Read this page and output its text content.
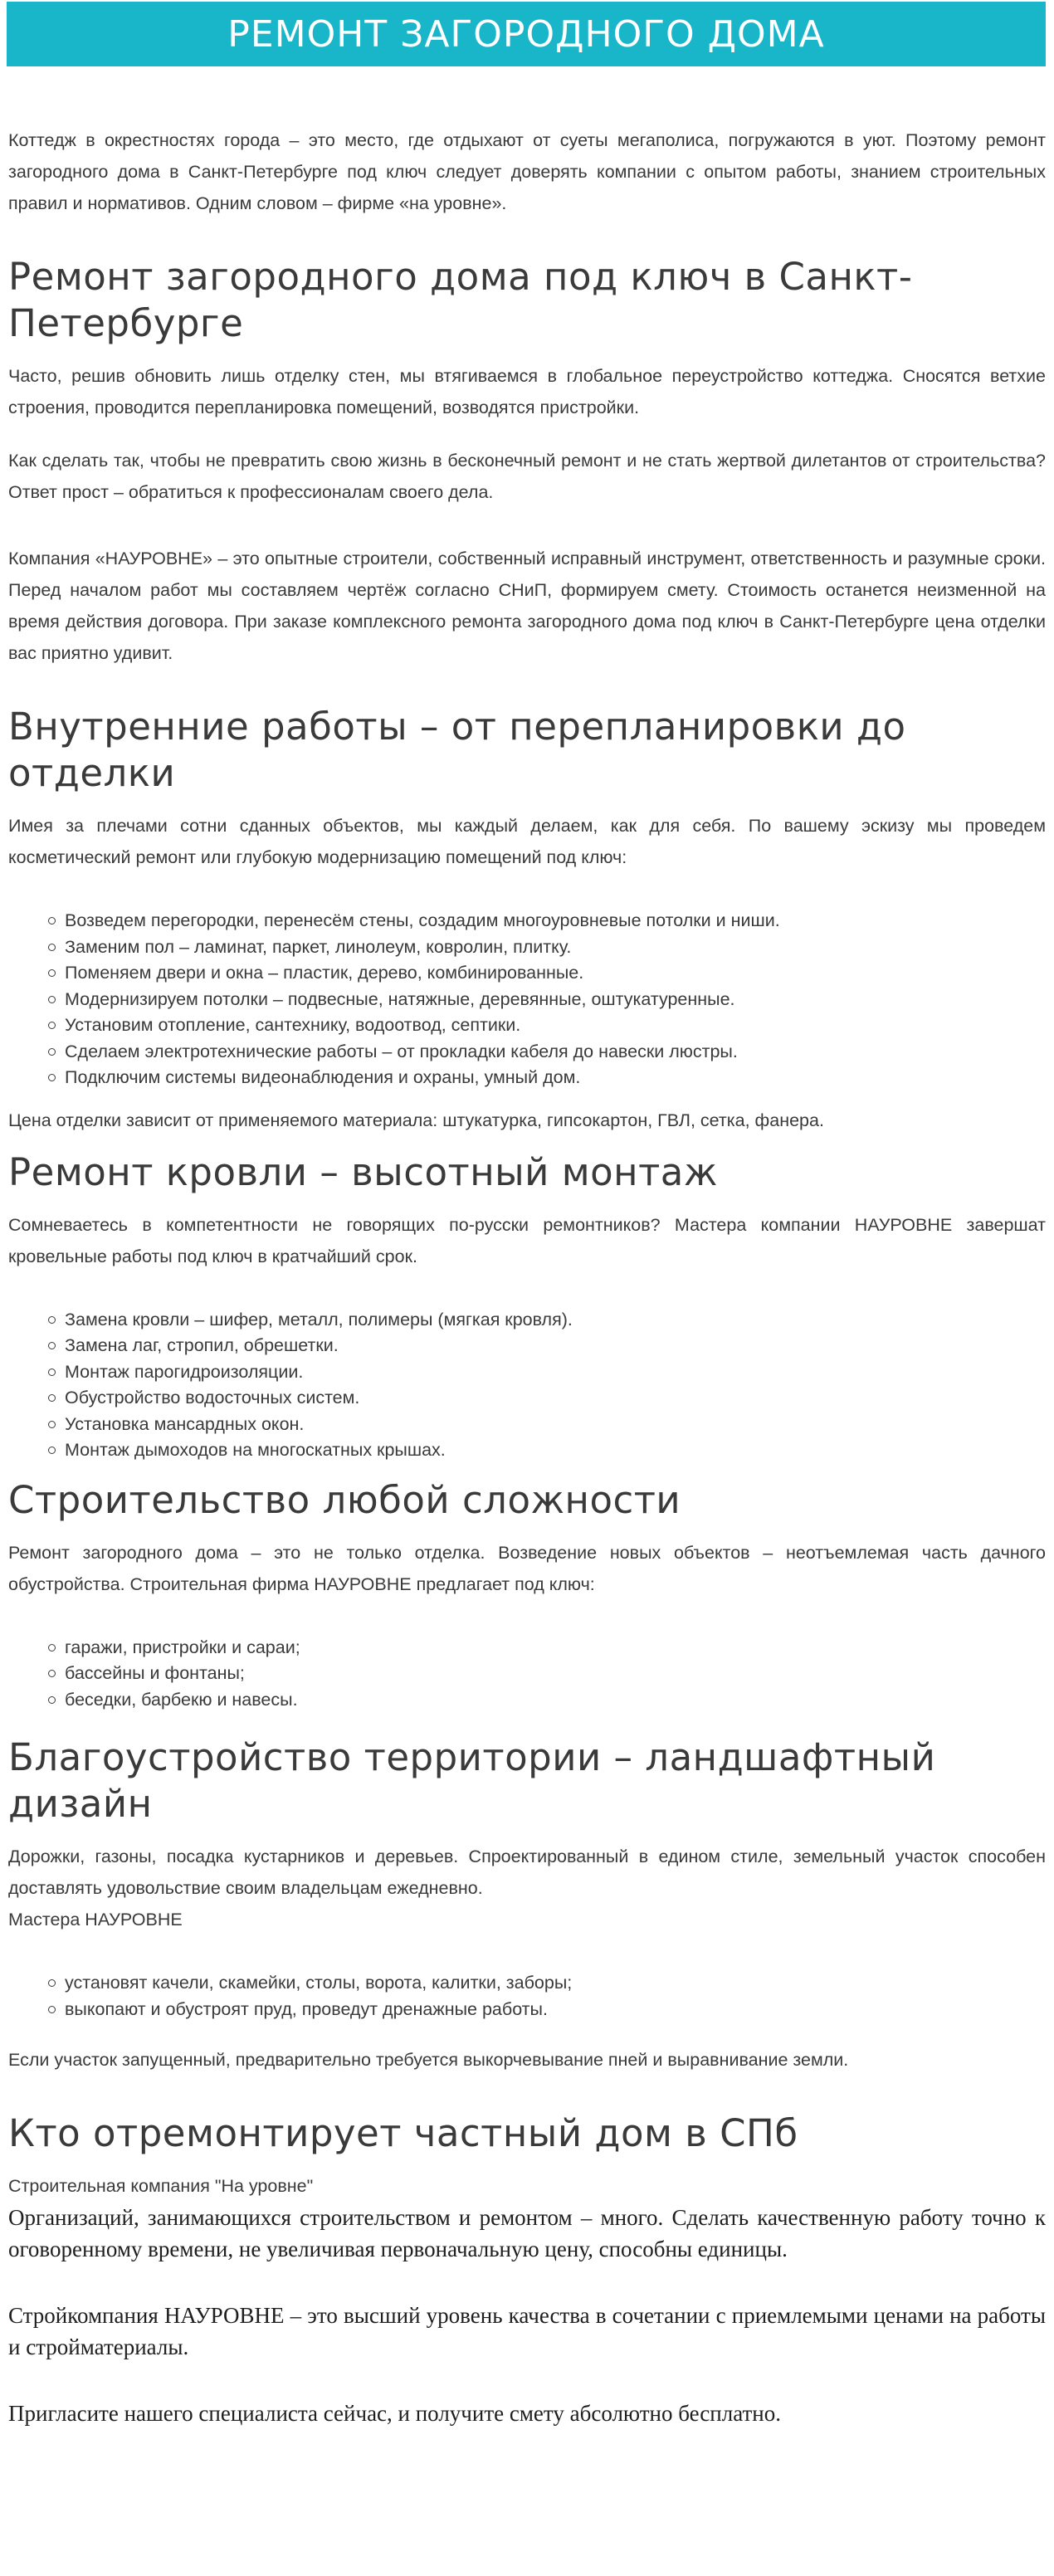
РЕМОНТ ЗАГОРОДНОГО ДОМА

Коттедж в окрестностях города – это место, где отдыхают от суеты мегаполиса, погружаются в уют. Поэтому ремонт загородного дома в Санкт-Петербурге под ключ следует доверять компании с опытом работы, знанием строительных правил и нормативов. Одним словом – фирме «на уровне».

Ремонт загородного дома под ключ в Санкт-Петербурге

Часто, решив обновить лишь отделку стен, мы втягиваемся в глобальное переустройство коттеджа. Сносятся ветхие строения, проводится перепланировка помещений, возводятся пристройки.

Как сделать так, чтобы не превратить свою жизнь в бесконечный ремонт и не стать жертвой дилетантов от строительства? Ответ прост – обратиться к профессионалам своего дела.

Компания «НАУРОВНЕ» – это опытные строители, собственный исправный инструмент, ответственность и разумные сроки. Перед началом работ мы составляем чертёж согласно СНиП, формируем смету. Стоимость останется неизменной на время действия договора. При заказе комплексного ремонта загородного дома под ключ в Санкт-Петербурге цена отделки вас приятно удивит.

Внутренние работы – от перепланировки до отделки

Имея за плечами сотни сданных объектов, мы каждый делаем, как для себя. По вашему эскизу мы проведем косметический ремонт или глубокую модернизацию помещений под ключ:

Возведем перегородки, перенесём стены, создадим многоуровневые потолки и ниши.
Заменим пол – ламинат, паркет, линолеум, ковролин, плитку.
Поменяем двери и окна – пластик, дерево, комбинированные.
Модернизируем потолки – подвесные, натяжные, деревянные, оштукатуренные.
Установим отопление, сантехнику, водоотвод, септики.
Сделаем электротехнические работы – от прокладки кабеля до навески люстры.
Подключим системы видеонаблюдения и охраны, умный дом.

Цена отделки зависит от применяемого материала: штукатурка, гипсокартон, ГВЛ, сетка, фанера.

Ремонт кровли – высотный монтаж

Сомневаетесь в компетентности не говорящих по-русски ремонтников? Мастера компании НАУРОВНЕ завершат кровельные работы под ключ в кратчайший срок.

Замена кровли – шифер, металл, полимеры (мягкая кровля).
Замена лаг, стропил, обрешетки.
Монтаж парогидроизоляции.
Обустройство водосточных систем.
Установка мансардных окон.
Монтаж дымоходов на многоскатных крышах.
Строительство любой сложности

Ремонт загородного дома – это не только отделка. Возведение новых объектов – неотъемлемая часть дачного обустройства. Строительная фирма НАУРОВНЕ предлагает под ключ:

гаражи, пристройки и сараи;
бассейны и фонтаны;
беседки, барбекю и навесы.
Благоустройство территории – ландшафтный дизайн

Дорожки, газоны, посадка кустарников и деревьев. Спроектированный в едином стиле, земельный участок способен доставлять удовольствие своим владельцам ежедневно.

Мастера НАУРОВНЕ

установят качели, скамейки, столы, ворота, калитки, заборы;
выкопают и обустроят пруд, проведут дренажные работы.

Если участок запущенный, предварительно требуется выкорчевывание пней и выравнивание земли.

Кто отремонтирует частный дом в СПб

Строительная компания "На уровне"

Организаций, занимающихся строительством и ремонтом – много. Сделать качественную работу точно к оговоренному времени, не увеличивая первоначальную цену, способны единицы.

Стройкомпания НАУРОВНЕ – это высший уровень качества в сочетании с приемлемыми ценами на работы и стройматериалы.

Пригласите нашего специалиста сейчас, и получите смету абсолютно бесплатно.
